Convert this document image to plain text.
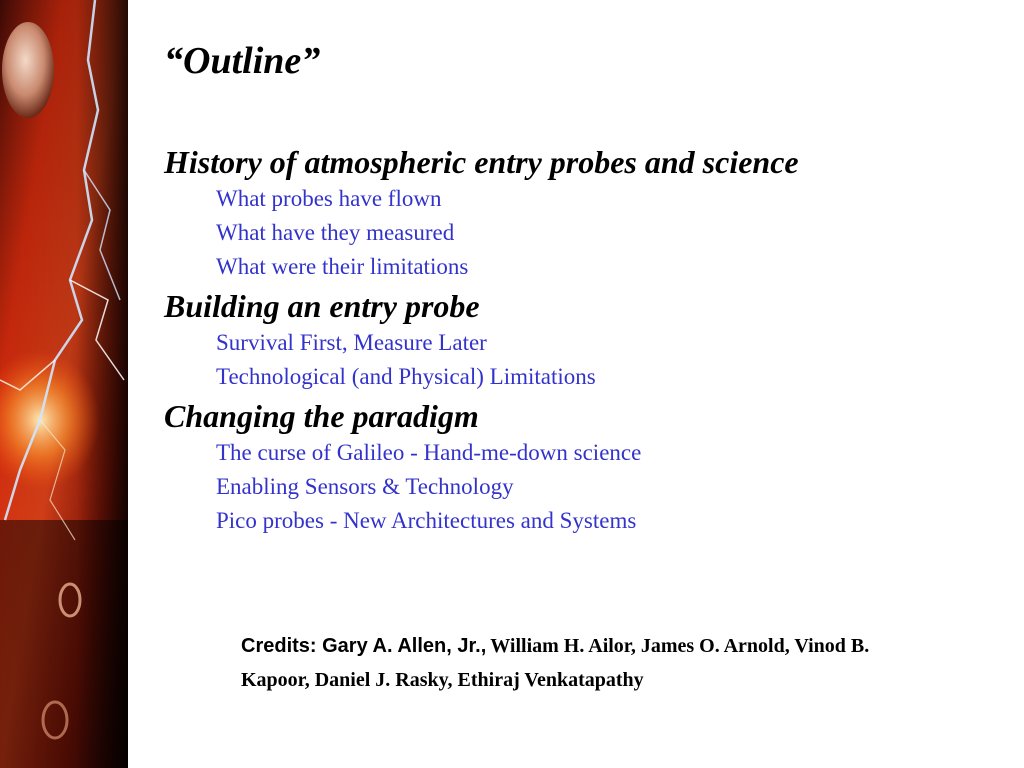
“Outline”
History of atmospheric entry probes and science
What probes have flown
What have they measured
What were their limitations
Building an entry probe
Survival First, Measure Later
Technological (and Physical) Limitations
Changing the paradigm
The curse of Galileo - Hand-me-down science
Enabling Sensors & Technology
Pico probes - New Architectures and Systems

Credits: Gary A. Allen, Jr., William H. Ailor, James O. Arnold, Vinod B. Kapoor, Daniel J. Rasky, Ethiraj Venkatapathy
